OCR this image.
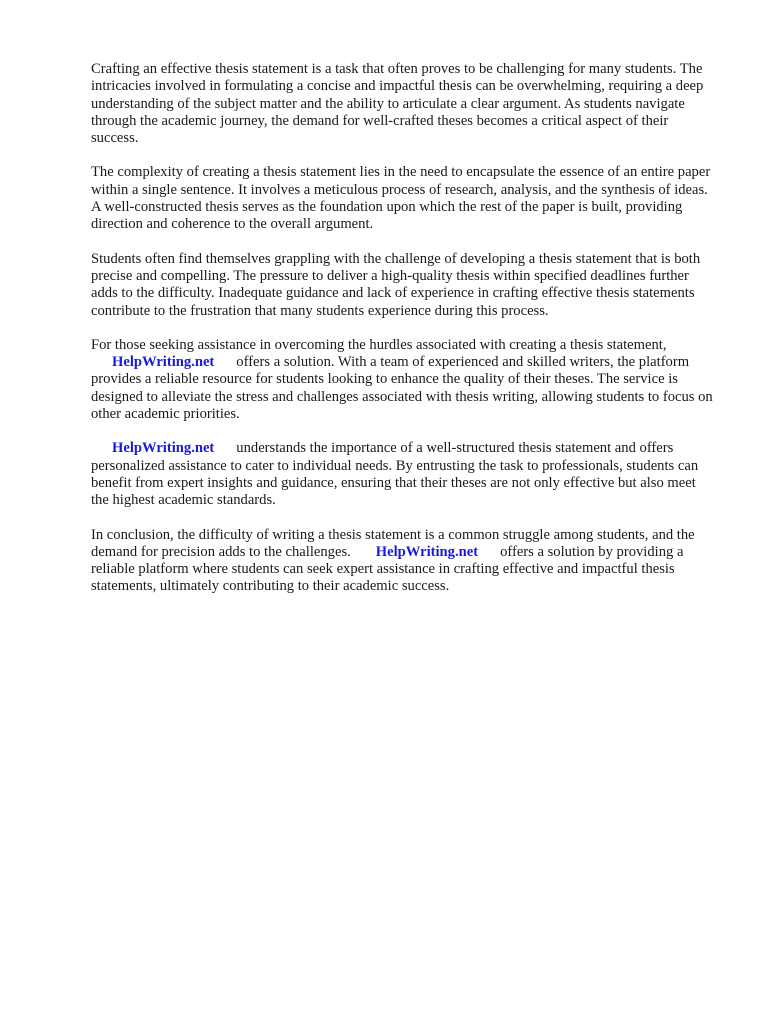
Crafting an effective thesis statement is a task that often proves to be challenging for many students. The intricacies involved in formulating a concise and impactful thesis can be overwhelming, requiring a deep understanding of the subject matter and the ability to articulate a clear argument. As students navigate through the academic journey, the demand for well-crafted theses becomes a critical aspect of their success.

The complexity of creating a thesis statement lies in the need to encapsulate the essence of an entire paper within a single sentence. It involves a meticulous process of research, analysis, and the synthesis of ideas. A well-constructed thesis serves as the foundation upon which the rest of the paper is built, providing direction and coherence to the overall argument.

Students often find themselves grappling with the challenge of developing a thesis statement that is both precise and compelling. The pressure to deliver a high-quality thesis within specified deadlines further adds to the difficulty. Inadequate guidance and lack of experience in crafting effective thesis statements contribute to the frustration that many students experience during this process.

For those seeking assistance in overcoming the hurdles associated with creating a thesis statement,
HelpWriting.net offers a solution. With a team of experienced and skilled writers, the platform provides a reliable resource for students looking to enhance the quality of their theses. The service is designed to alleviate the stress and challenges associated with thesis writing, allowing students to focus on other academic priorities.

HelpWriting.net understands the importance of a well-structured thesis statement and offers personalized assistance to cater to individual needs. By entrusting the task to professionals, students can benefit from expert insights and guidance, ensuring that their theses are not only effective but also meet the highest academic standards.

In conclusion, the difficulty of writing a thesis statement is a common struggle among students, and the demand for precision adds to the challenges. HelpWriting.net offers a solution by providing a reliable platform where students can seek expert assistance in crafting effective and impactful thesis statements, ultimately contributing to their academic success.
